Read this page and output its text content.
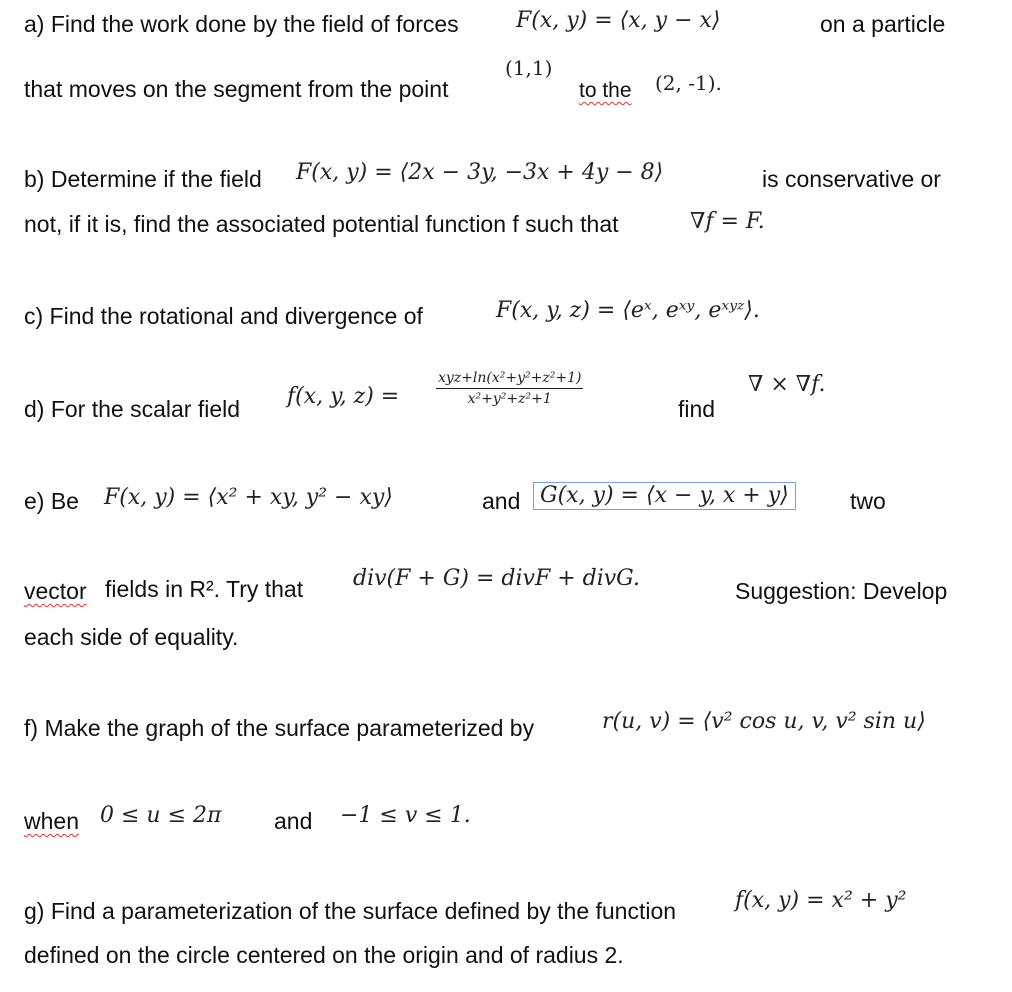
a) Find the work done by the field of forces	F(x, y) = ⟨x, y − x⟩	on a particle
that moves on the segment from the point
(1,1)
to the (2, -1).
b) Determine if the field F(x, y) = ⟨2x − 3y, −3x + 4y − 8⟩	is conservative or
not, if it is, find the associated potential function f such that	∇f = F.
c) Find the rotational and divergence of	F(x, y, z) = ⟨eˣ, eˣʸ, eˣʸᶻ⟩.
d) For the scalar field f(x, y, z) =
xyz+ln(x²+y²+z²+1)
x²+y²+z²+1	find
∇ × ∇f.
e) Be F(x, y) = ⟨x² + xy, y² − xy⟩	and G(x, y) = ⟨x − y, x + y⟩	two
vector fields in R². Try that div(F + G) = divF + divG.	Suggestion: Develop
each side of equality.
f) Make the graph of the surface parameterized by	r(u, v) = ⟨v² cos u, v, v² sin u⟩
when 0 ≤ u ≤ 2π and −1 ≤ v ≤ 1.
g) Find a parameterization of the surface defined by the function	f(x, y) = x² + y²
defined on the circle centered on the origin and of radius 2.
